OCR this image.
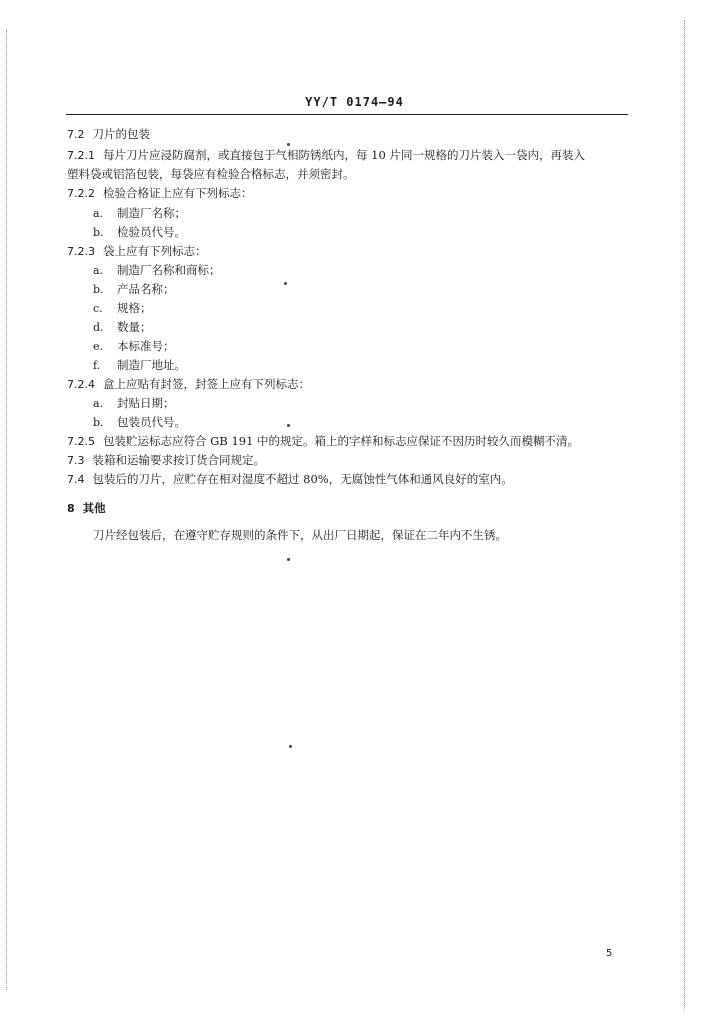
YY/T 0174—94
7.2 刀片的包装
7.2.1 每片刀片应浸防腐剂，或直接包于气相防锈纸内，每 10 片同一规格的刀片装入一袋内，再装入
塑料袋或铝箔包装，每袋应有检验合格标志，并须密封。
7.2.2 检验合格证上应有下列标志：
a. 制造厂名称；
b. 检验员代号。
7.2.3 袋上应有下列标志：
a. 制造厂名称和商标；
b. 产品名称；
c. 规格；
d. 数量；
e. 本标准号；
f. 制造厂地址。
7.2.4 盒上应贴有封签，封签上应有下列标志：
a. 封贴日期；
b. 包装员代号。
7.2.5 包装贮运标志应符合 GB 191 中的规定。箱上的字样和标志应保证不因历时较久而模糊不清。
7.3 装箱和运输要求按订货合同规定。
7.4 包装后的刀片，应贮存在相对湿度不超过 80%，无腐蚀性气体和通风良好的室内。
8 其他
刀片经包装后，在遵守贮存规则的条件下，从出厂日期起，保证在二年内不生锈。
5
